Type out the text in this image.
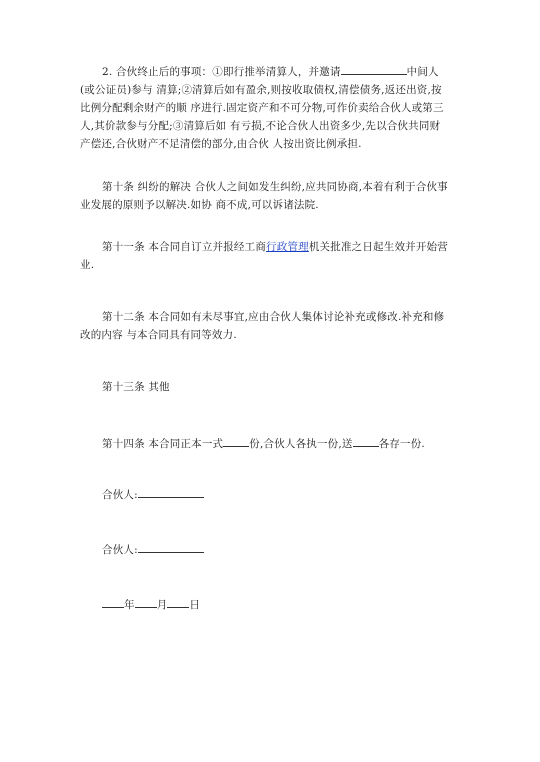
2. 合伙终止后的事项：①即行推举清算人，并邀请	中间人(或公证员)参与 清算;②清算后如有盈余,则按收取债权,清偿债务,返还出资,按比例分配剩余财产的顺 序进行.固定资产和不可分物,可作价卖给合伙人或第三人,其价款参与分配;③清算后如 有亏损,不论合伙人出资多少,先以合伙共同财产偿还,合伙财产不足清偿的部分,由合伙 人按出资比例承担.

第十条 纠纷的解决 合伙人之间如发生纠纷,应共同协商,本着有利于合伙事业发展的原则予以解决.如协 商不成,可以诉诸法院.

第十一条 本合同自订立并报经工商行政管理机关批准之日起生效并开始营业.

第十二条 本合同如有未尽事宜,应由合伙人集体讨论补充或修改.补充和修改的内容 与本合同具有同等效力.

第十三条 其他

第十四条 本合同正本一式 份,合伙人各执一份,送 各存一份.

合伙人:

合伙人:

年 月 日
